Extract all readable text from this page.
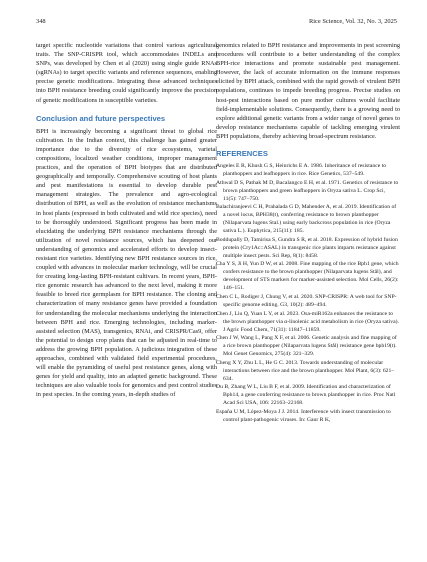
348	Rice Science, Vol. 32, No. 3, 2025

target specific nucleotide variations that control various agricultural traits. The SNP-CRISPR tool, which accommodates INDELs and SNPs, was developed by Chen et al (2020) using single guide RNAs (sgRNAs) to target specific variants and reference sequences, enabling precise genetic modifications. Integrating these advanced techniques into BPH resistance breeding could significantly improve the precision of genetic modifications in susceptible varieties.

Conclusion and future perspectives

BPH is increasingly becoming a significant threat to global rice cultivation. In the Indian context, this challenge has gained greater importance due to the diversity of rice ecosystems, varietal compositions, localized weather conditions, improper management practices, and the operation of BPH biotypes that are distributed geographically and temporally. Comprehensive scouting of host plants and pest manifestations is essential to develop durable pest management strategies. The prevalence and agro-ecological distribution of BPH, as well as the evolution of resistance mechanisms in host plants (expressed in both cultivated and wild rice species), need to be thoroughly understood. Significant progress has been made in elucidating the underlying BPH resistance mechanisms through the utilization of novel resistance sources, which has deepened our understanding of genomics and accelerated efforts to develop insect-resistant rice varieties. Identifying new BPH resistance sources in rice, coupled with advances in molecular marker technology, will be crucial for creating long-lasting BPH-resistant cultivars. In recent years, BPH-rice genomic research has advanced to the next level, making it more feasible to breed rice germplasm for BPH resistance. The cloning and characterization of many resistance genes have provided a foundation for understanding the molecular mechanisms underlying the interaction between BPH and rice. Emerging technologies, including marker-assisted selection (MAS), transgenics, RNAi, and CRISPR/Cas9, offer the potential to design crop plants that can be adjusted in real-time to address the growing BPH population. A judicious integration of these approaches, combined with validated field experimental procedures, will enable the pyramiding of useful pest resistance genes, along with genes for yield and quality, into an adapted genetic background. These techniques are also valuable tools for genomics and pest control studies in pest species. In the coming years, in-depth studies of

genomics related to BPH resistance and improvements in pest screening procedures will contribute to a better understanding of the complex BPH-rice interactions and promote sustainable pest management. However, the lack of accurate information on the immune responses elicited by BPH attack, combined with the rapid growth of virulent BPH populations, continues to impede breeding progress. Precise studies on host-pest interactions based on pure mother cultures would facilitate field-implementable solutions. Consequently, there is a growing need to explore additional genetic variants from a wider range of novel genes to develop resistance mechanisms capable of tackling emerging virulent BPH populations, thereby achieving broad-spectrum resistance.

REFERENCES
Angeles E R, Khush G S, Heinrichs E A. 1986. Inheritance of resistance to planthoppers and leafhoppers in rice. Rice Genetics, 537–549.
Athwal D S, Pathak M D, Bacalangco E H, et al. 1971. Genetics of resistance to brown planthoppers and green leafhoppers in Oryza sativa L. Crop Sci, 11(5): 747–750.
Balachiranjeevi C H, Prahalada G D, Mahender A, et al. 2019. Identification of a novel locus, BPH38(t), conferring resistance to brown planthopper (Nilaparvata lugens Stal.) using early backcross population in rice (Oryza sativa L.). Euphytica, 215(11): 185.
Boddupally D, Tamirisa S, Gundra S R, et al. 2018. Expression of hybrid fusion protein (Cry1Ac::ASAL) in transgenic rice plants imparts resistance against multiple insect pests. Sci Rep, 8(1): 8458.
Cha Y S, Ji H, Yun D W, et al. 2008. Fine mapping of the rice Bph1 gene, which confers resistance to the brown planthopper (Nilaparvata lugens Stål), and development of STS markers for marker-assisted selection. Mol Cells, 26(2): 146–151.
Chen C L, Rodiger J, Chung V, et al. 2020. SNP-CRISPR: A web tool for SNP-specific genome editing. G3, 10(2): 489–494.
Chen J, Liu Q, Yuan L Y, et al. 2023. Osa-miR162a enhances the resistance to the brown planthopper via α-linolenic acid metabolism in rice (Oryza sativa). J Agric Food Chem, 71(31): 11847–11859.
Chen J W, Wang L, Pang X F, et al. 2006. Genetic analysis and fine mapping of a rice brown planthopper (Nilaparvata lugens Stål) resistance gene bph19(t). Mol Genet Genomics, 275(4): 321–329.
Cheng X Y, Zhu L L, He G C. 2013. Towards understanding of molecular interactions between rice and the brown planthopper. Mol Plant, 6(3): 621–634.
Du B, Zhang W L, Liu B F, et al. 2009. Identification and characterization of Bph14, a gene conferring resistance to brown planthopper in rice. Proc Natl Acad Sci USA, 106: 22163–22168.
España U M, López-Moya J J. 2014. Interference with insect transmission to control plant-pathogenic viruses. In: Gaur R K,
